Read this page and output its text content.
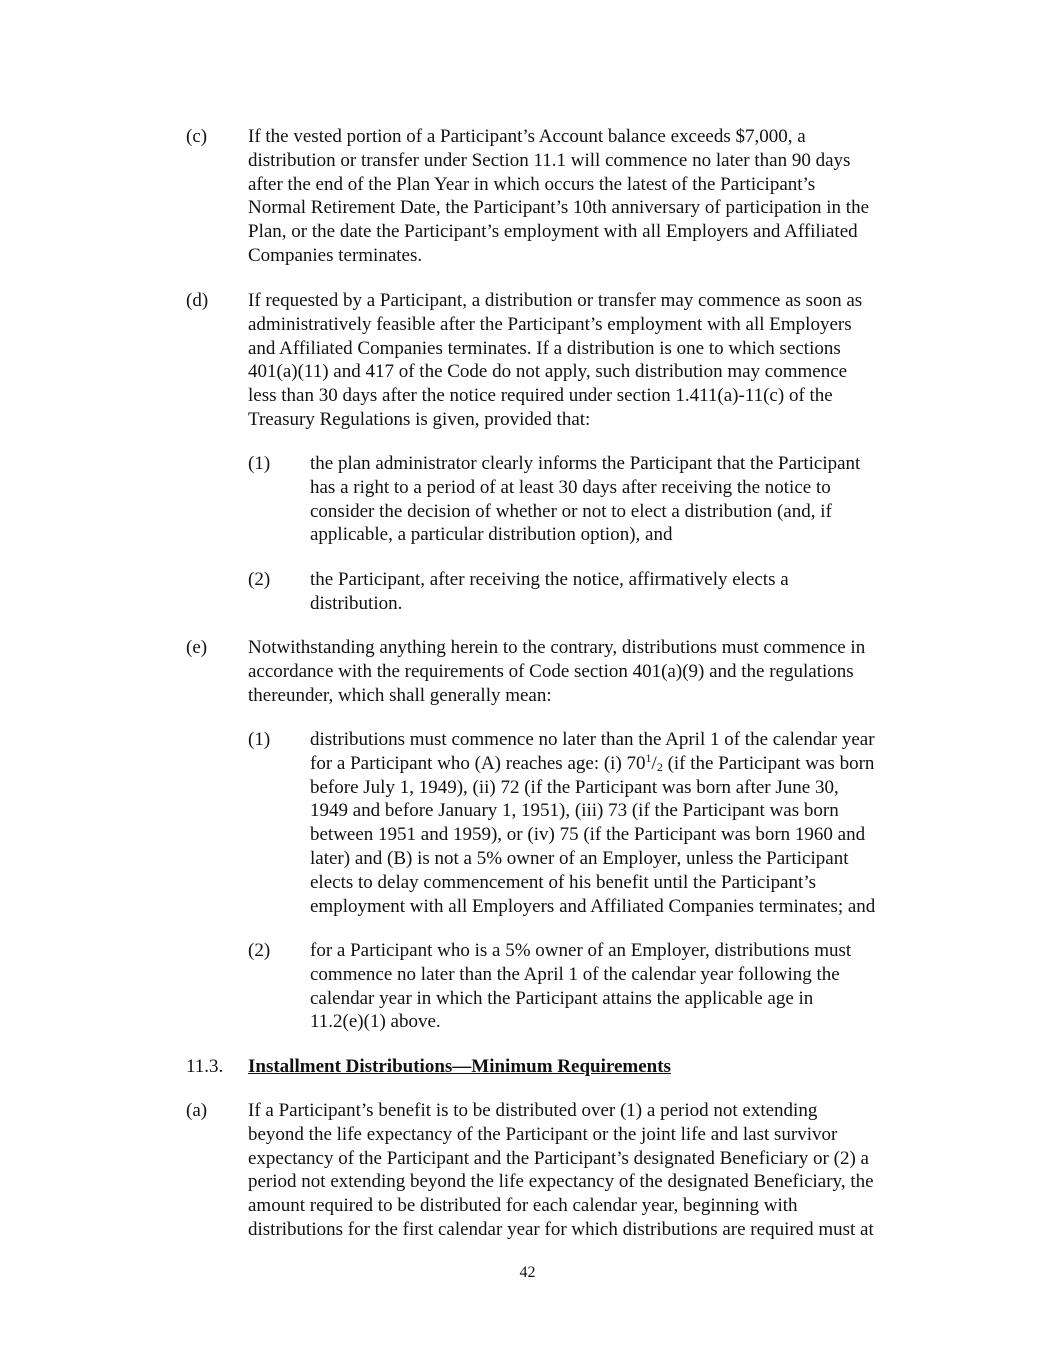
(c) If the vested portion of a Participant’s Account balance exceeds $7,000, a
distribution or transfer under Section 11.1 will commence no later than 90 days
after the end of the Plan Year in which occurs the latest of the Participant’s
Normal Retirement Date, the Participant’s 10th anniversary of participation in the
Plan, or the date the Participant’s employment with all Employers and Affiliated
Companies terminates.
(d) If requested by a Participant, a distribution or transfer may commence as soon as
administratively feasible after the Participant’s employment with all Employers
and Affiliated Companies terminates. If a distribution is one to which sections
401(a)(11) and 417 of the Code do not apply, such distribution may commence
less than 30 days after the notice required under section 1.411(a)-11(c) of the
Treasury Regulations is given, provided that:
(1) the plan administrator clearly informs the Participant that the Participant
has a right to a period of at least 30 days after receiving the notice to
consider the decision of whether or not to elect a distribution (and, if
applicable, a particular distribution option), and
(2) the Participant, after receiving the notice, affirmatively elects a
distribution.
(e) Notwithstanding anything herein to the contrary, distributions must commence in
accordance with the requirements of Code section 401(a)(9) and the regulations
thereunder, which shall generally mean:
(1) distributions must commence no later than the April 1 of the calendar year
for a Participant who (A) reaches age: (i) $70^1/2$ (if the Participant was born
before July 1, 1949), (ii) 72 (if the Participant was born after June 30,
1949 and before January 1, 1951), (iii) 73 (if the Participant was born
between 1951 and 1959), or (iv) 75 (if the Participant was born 1960 and
later) and (B) is not a 5% owner of an Employer, unless the Participant
elects to delay commencement of his benefit until the Participant’s
employment with all Employers and Affiliated Companies terminates; and
(2) for a Participant who is a 5% owner of an Employer, distributions must
commence no later than the April 1 of the calendar year following the
calendar year in which the Participant attains the applicable age in
11.2(e)(1) above.
11.3. Installment Distributions—Minimum Requirements
(a) If a Participant’s benefit is to be distributed over (1) a period not extending
beyond the life expectancy of the Participant or the joint life and last survivor
expectancy of the Participant and the Participant’s designated Beneficiary or (2) a
period not extending beyond the life expectancy of the designated Beneficiary, the
amount required to be distributed for each calendar year, beginning with
distributions for the first calendar year for which distributions are required must at
42
